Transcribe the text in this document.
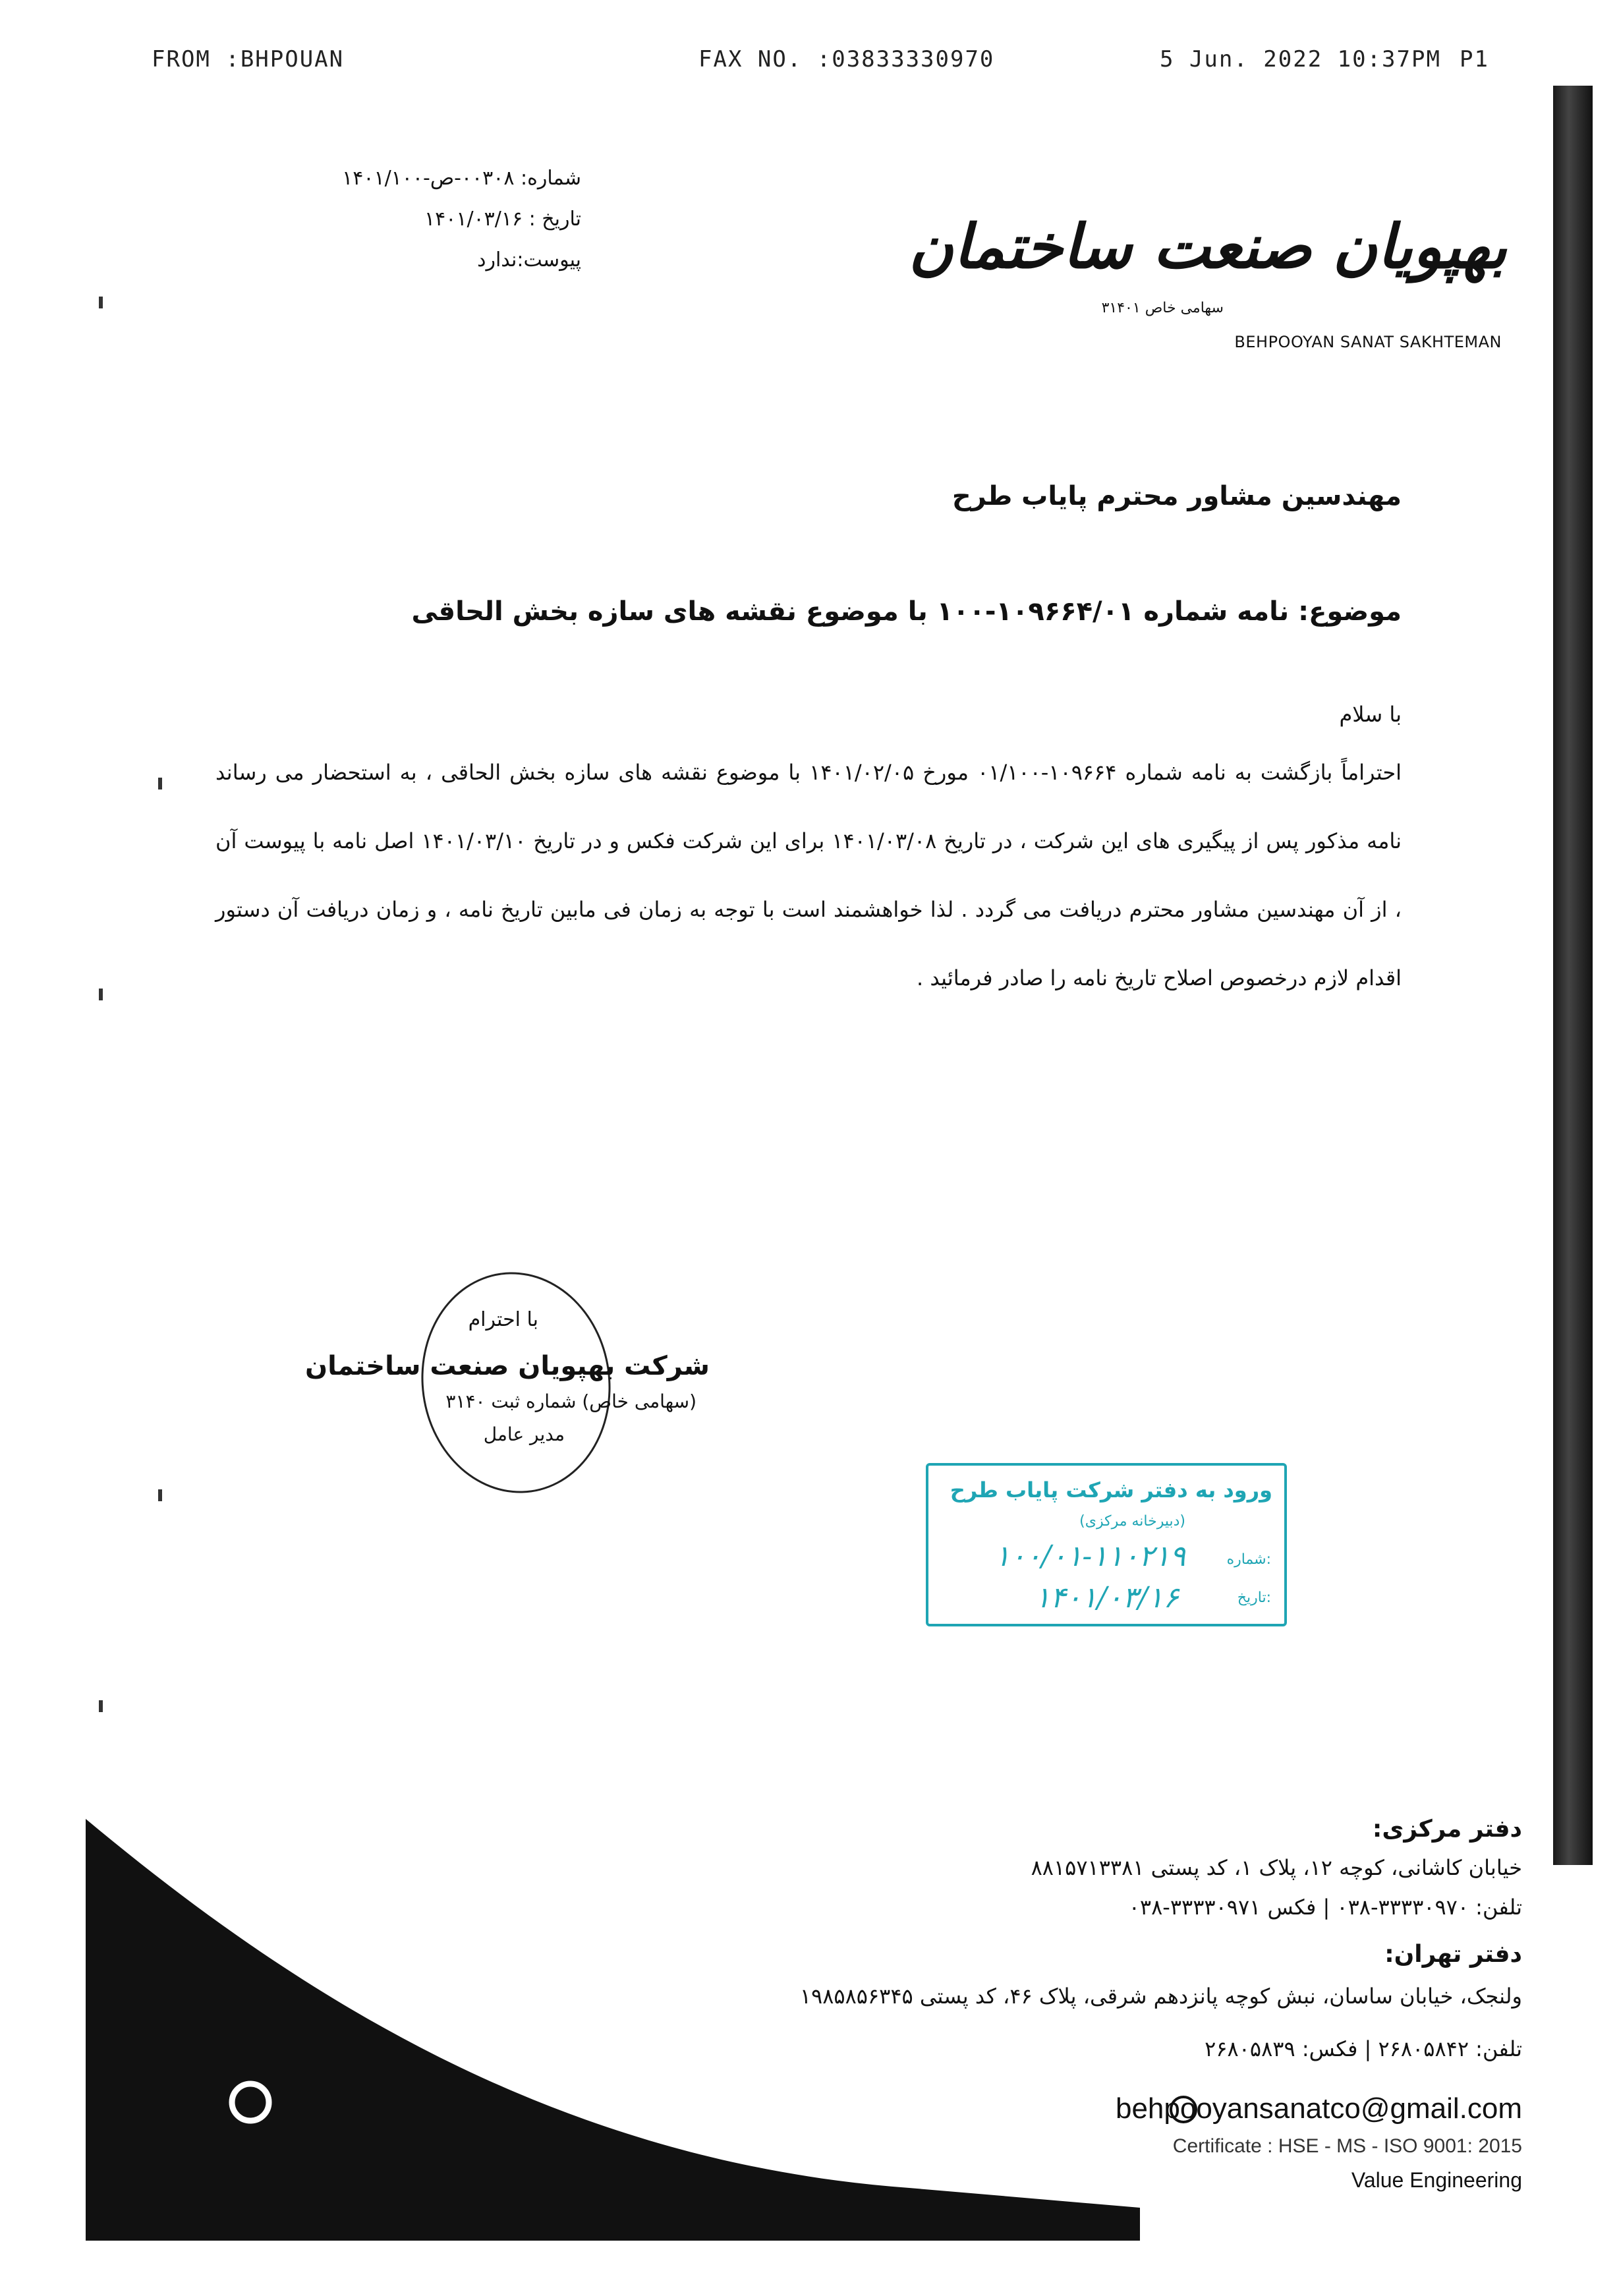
FROM :BHPOUAN	FAX NO. :03833330970	5 Jun. 2022 10:37PM P1
شماره: ۰۰۳۰۸-ص-۱۴۰۱/۱۰۰
تاریخ : ۱۴۰۱/۰۳/۱۶
پیوست:ندارد	بهپویان صنعت ساختمان
سهامی خاص ۳۱۴۰۱
BEHPOOYAN SANAT SAKHTEMAN
مهندسین مشاور محترم پایاب طرح
موضوع: نامه شماره ۱۰۹۶۶۴/۰۱-۱۰۰ با موضوع نقشه های سازه بخش الحاقی
با سلام
احتراماً بازگشت به نامه شماره ۱۰۹۶۶۴-۰۱/۱۰۰ مورخ ۱۴۰۱/۰۲/۰۵ با موضوع نقشه های سازه بخش الحاقی ، به استحضار می رساند نامه مذکور پس از پیگیری های این شرکت ، در تاریخ ۱۴۰۱/۰۳/۰۸ برای این شرکت فکس و در تاریخ ۱۴۰۱/۰۳/۱۰ اصل نامه با پیوست آن ، از آن مهندسین مشاور محترم دریافت می گردد . لذا خواهشمند است با توجه به زمان فی مابین تاریخ نامه ، و زمان دریافت آن دستور اقدام لازم درخصوص اصلاح تاریخ نامه را صادر فرمائید .
با احترام
شرکت بهپویان صنعت ساختمان
(سهامی خاص) شماره ثبت ۳۱۴۰
مدیر عامل
ورود به دفتر شرکت پایاب طرح
(دبیرخانه مرکزی)
شماره:
۱۰۰/۰۱-۱۱۰۲۱۹
تاریخ:
۱۴۰۱/۰۳/۱۶
دفتر مرکزی:
خیابان کاشانی، کوچه ۱۲، پلاک ۱، کد پستی ۸۸۱۵۷۱۳۳۸۱
تلفن: ۳۳۳۳۰۹۷۰-۰۳۸ | فکس ۳۳۳۳۰۹۷۱-۰۳۸
دفتر تهران:
ولنجک، خیابان ساسان، نبش کوچه پانزدهم شرقی، پلاک ۴۶، کد پستی ۱۹۸۵۸۵۶۳۴۵
تلفن: ۲۶۸۰۵۸۴۲ | فکس: ۲۶۸۰۵۸۳۹
behpooyansanatco@gmail.com
Certificate : HSE - MS - ISO 9001: 2015
Value Engineering
